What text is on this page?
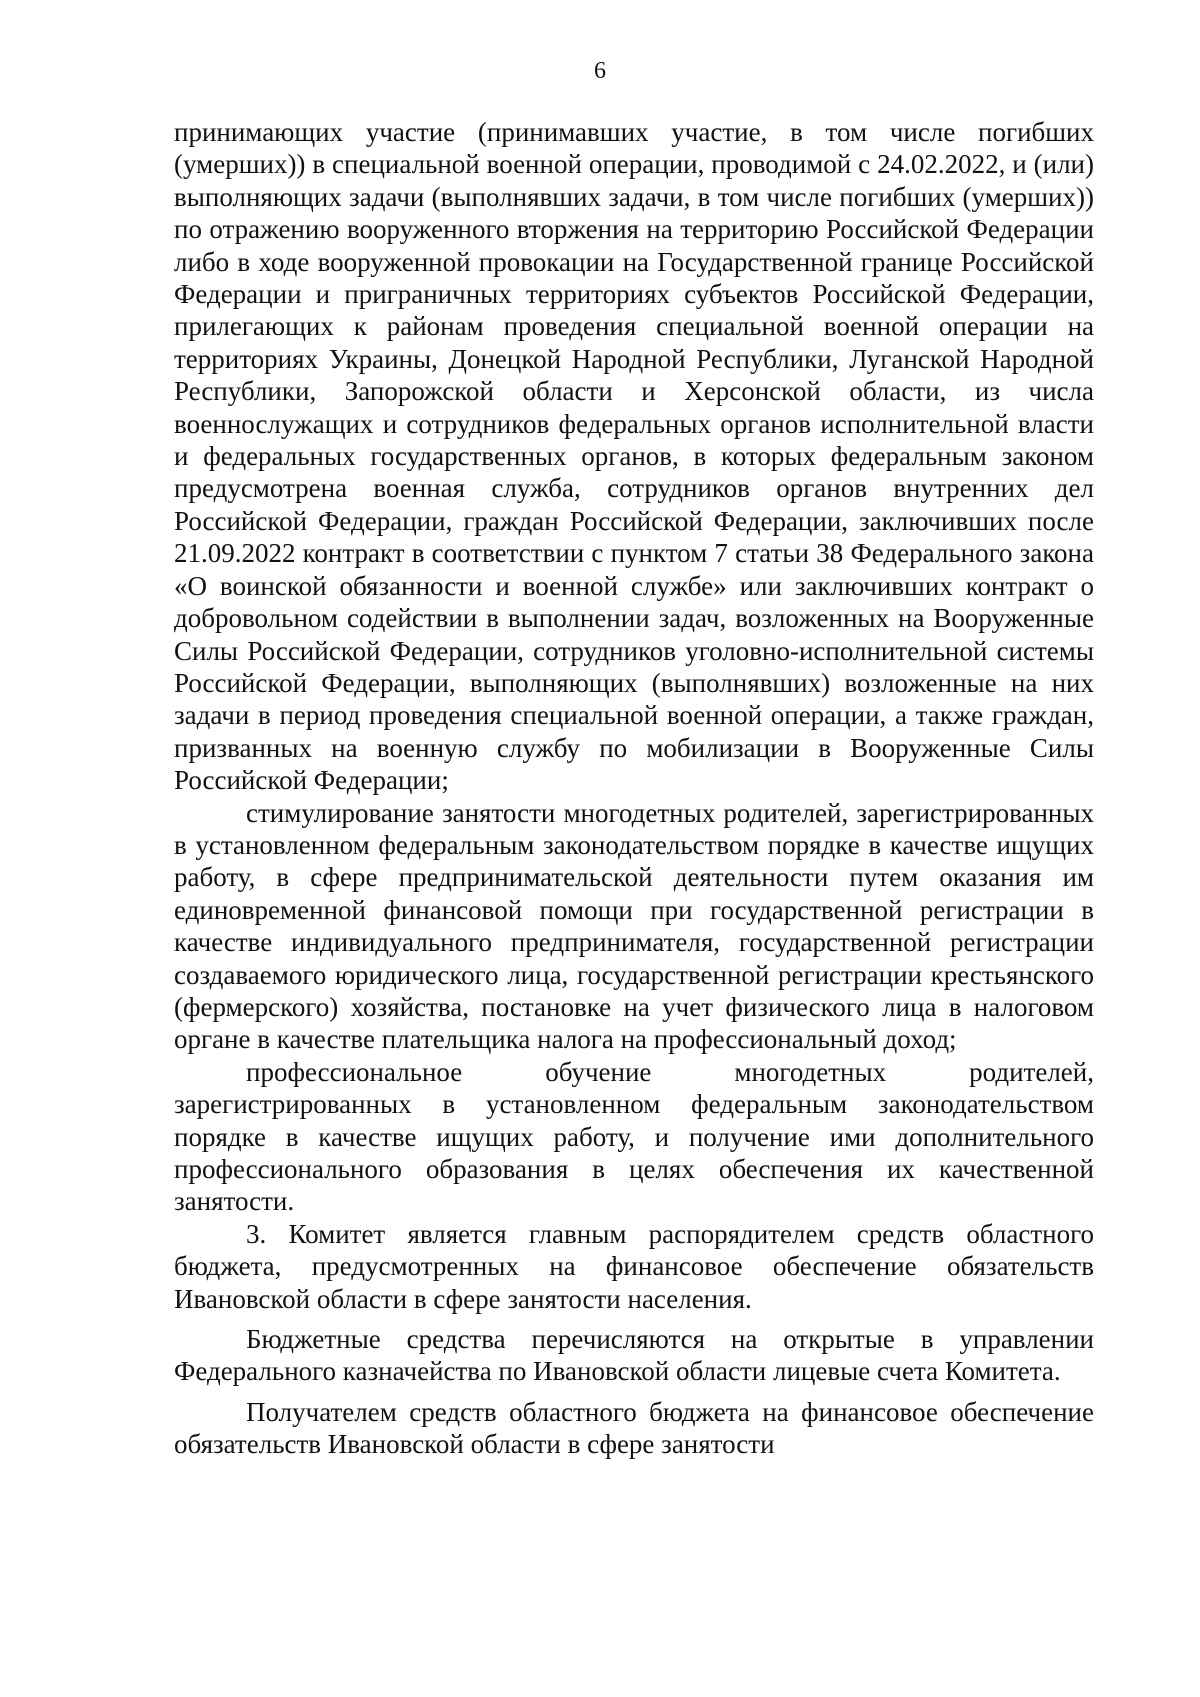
6

принимающих участие (принимавших участие, в том числе погибших (умерших)) в специальной военной операции, проводимой с 24.02.2022, и (или) выполняющих задачи (выполнявших задачи, в том числе погибших (умерших)) по отражению вооруженного вторжения на территорию Российской Федерации либо в ходе вооруженной провокации на Государственной границе Российской Федерации и приграничных территориях субъектов Российской Федерации, прилегающих к районам проведения специальной военной операции на территориях Украины, Донецкой Народной Республики, Луганской Народной Республики, Запорожской области и Херсонской области, из числа военнослужащих и сотрудников федеральных органов исполнительной власти и федеральных государственных органов, в которых федеральным законом предусмотрена военная служба, сотрудников органов внутренних дел Российской Федерации, граждан Российской Федерации, заключивших после 21.09.2022 контракт в соответствии с пунктом 7 статьи 38 Федерального закона «О воинской обязанности и военной службе» или заключивших контракт о добровольном содействии в выполнении задач, возложенных на Вооруженные Силы Российской Федерации, сотрудников уголовно-исполнительной системы Российской Федерации, выполняющих (выполнявших) возложенные на них задачи в период проведения специальной военной операции, а также граждан, призванных на военную службу по мобилизации в Вооруженные Силы Российской Федерации;

стимулирование занятости многодетных родителей, зарегистрированных в установленном федеральным законодательством порядке в качестве ищущих работу, в сфере предпринимательской деятельности путем оказания им единовременной финансовой помощи при государственной регистрации в качестве индивидуального предпринимателя, государственной регистрации создаваемого юридического лица, государственной регистрации крестьянского (фермерского) хозяйства, постановке на учет физического лица в налоговом органе в качестве плательщика налога на профессиональный доход;

профессиональное обучение многодетных родителей, зарегистрированных в установленном федеральным законодательством порядке в качестве ищущих работу, и получение ими дополнительного профессионального образования в целях обеспечения их качественной занятости.

3. Комитет является главным распорядителем средств областного бюджета, предусмотренных на финансовое обеспечение обязательств Ивановской области в сфере занятости населения.

Бюджетные средства перечисляются на открытые в управлении Федерального казначейства по Ивановской области лицевые счета Комитета.

Получателем средств областного бюджета на финансовое обеспечение обязательств Ивановской области в сфере занятости
